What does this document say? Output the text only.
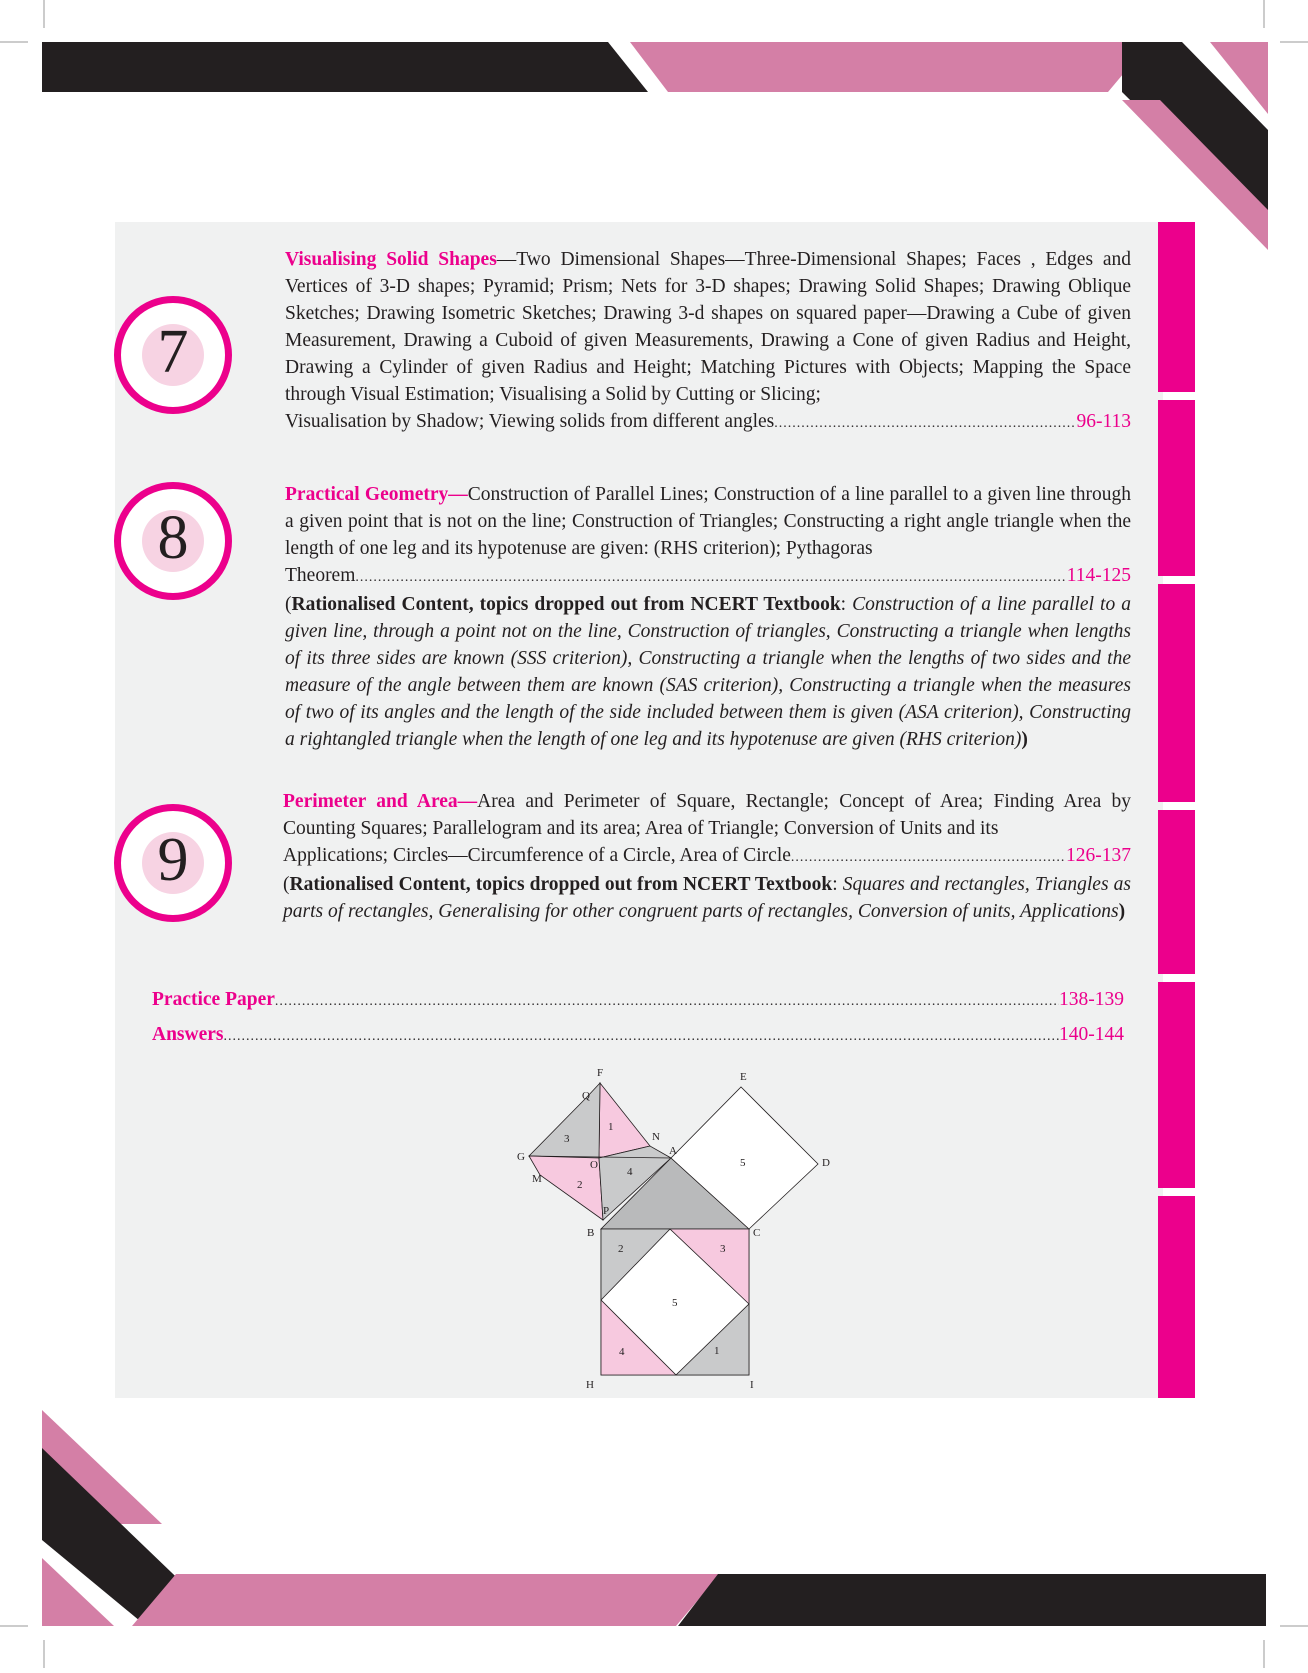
7
Visualising Solid Shapes—Two Dimensional Shapes—Three-Dimensional Shapes; Faces , Edges and Vertices of 3-D shapes; Pyramid; Prism; Nets for 3-D shapes; Drawing Solid Shapes; Drawing Oblique Sketches; Drawing Isometric Sketches; Drawing 3-d shapes on squared paper—Drawing a Cube of given Measurement, Drawing a Cuboid of given Measurements, Drawing a Cone of given Radius and Height, Drawing a Cylinder of given Radius and Height; Matching Pictures with Objects; Mapping the Space through Visual Estimation; Visualising a Solid by Cutting or Slicing;
Visualisation by Shadow; Viewing solids from different angles .....	96-113
8
Practical Geometry—Construction of Parallel Lines; Construction of a line parallel to a given line through a given point that is not on the line; Construction of Triangles; Constructing a right angle triangle when the length of one leg and its hypotenuse are given: (RHS criterion); Pythagoras
Theorem .....	114-125
(Rationalised Content, topics dropped out from NCERT Textbook: Construction of a line parallel to a given line, through a point not on the line, Construction of triangles, Constructing a triangle when lengths of its three sides are known (SSS criterion), Constructing a triangle when the lengths of two sides and the measure of the angle between them are known (SAS criterion), Constructing a triangle when the measures of two of its angles and the length of the side included between them is given (ASA criterion), Constructing a rightangled triangle when the length of one leg and its hypotenuse are given (RHS criterion))
9
Perimeter and Area—Area and Perimeter of Square, Rectangle; Concept of Area; Finding Area by Counting Squares; Parallelogram and its area; Area of Triangle; Conversion of Units and its
Applications; Circles—Circumference of a Circle, Area of Circle .....	126-137
(Rationalised Content, topics dropped out from NCERT Textbook: Squares and rectangles, Triangles as parts of rectangles, Generalising for other congruent parts of rectangles, Conversion of units, Applications)
Practice Paper .....	138-139
Answers .....	140-144
F
Q
E
N
A
D
G
O
M
P
B	C
H	I
1
3
2
4
5
2	3
5
4	1
